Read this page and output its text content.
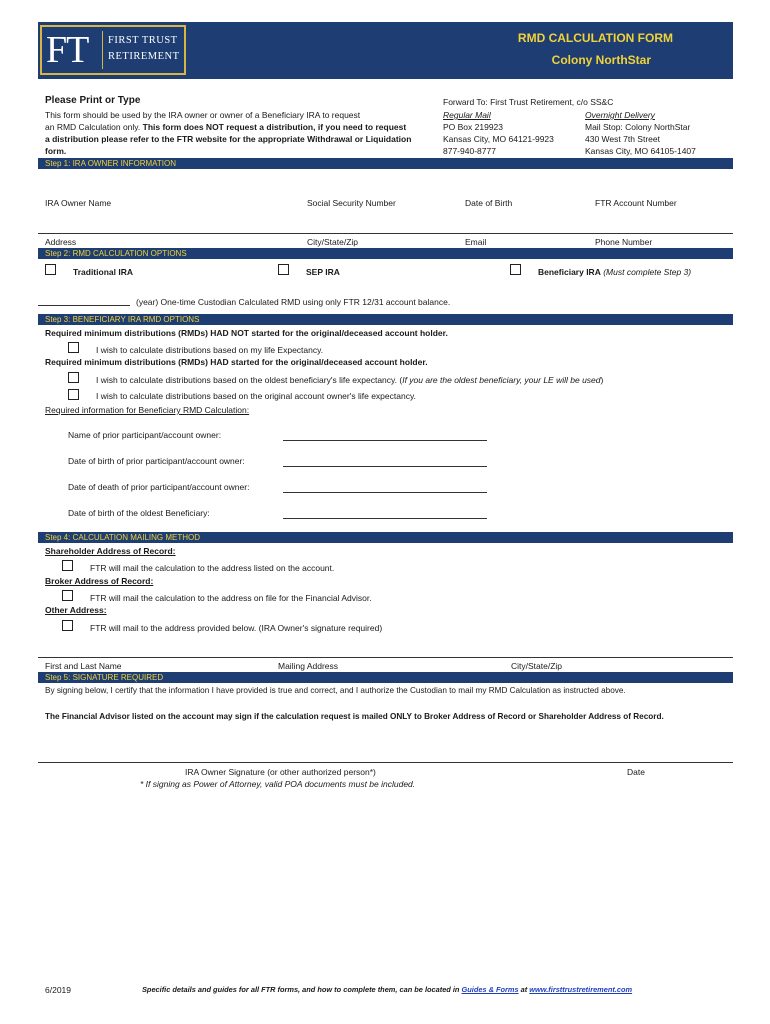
FT	FIRST TRUST
RETIREMENT
RMD CALCULATION FORM
Colony NorthStar
Please Print or Type
This form should be used by the IRA owner or owner of a Beneficiary IRA to request
an RMD Calculation only. This form does NOT request a distribution, if you need to request
a distribution please refer to the FTR website for the appropriate Withdrawal or Liquidation
form.
Forward To: First Trust Retirement, c/o SS&C
Regular Mail
PO Box 219923
Kansas City, MO 64121-9923
877-940-8777
Overnight Delivery
Mail Stop: Colony NorthStar
430 West 7th Street
Kansas City, MO 64105-1407
Step 1: IRA OWNER INFORMATION
IRA Owner Name	Social Security Number	Date of Birth	FTR Account Number
Address	City/State/Zip	Email	Phone Number
Step 2: RMD CALCULATION OPTIONS
Traditional IRA	SEP IRA	Beneficiary IRA (Must complete Step 3)
(year) One-time Custodian Calculated RMD using only FTR 12/31 account balance.
Step 3: BENEFICIARY IRA RMD OPTIONS
Required minimum distributions (RMDs) HAD NOT started for the original/deceased account holder.
I wish to calculate distributions based on my life Expectancy.
Required minimum distributions (RMDs) HAD started for the original/deceased account holder.
I wish to calculate distributions based on the oldest beneficiary's life expectancy. (If you are the oldest beneficiary, your LE will be used)
I wish to calculate distributions based on the original account owner's life expectancy.
Required information for Beneficiary RMD Calculation:
Name of prior participant/account owner:
Date of birth of prior participant/account owner:
Date of death of prior participant/account owner:
Date of birth of the oldest Beneficiary:
Step 4: CALCULATION MAILING METHOD
Shareholder Address of Record:
FTR will mail the calculation to the address listed on the account.
Broker Address of Record:
FTR will mail the calculation to the address on file for the Financial Advisor.
Other Address:
FTR will mail to the address provided below. (IRA Owner's signature required)
First and Last Name	Mailing Address	City/State/Zip
Step 5: SIGNATURE REQUIRED
By signing below, I certify that the information I have provided is true and correct, and I authorize the Custodian to mail my RMD Calculation as instructed above.
The Financial Advisor listed on the account may sign if the calculation request is mailed ONLY to Broker Address of Record or Shareholder Address of Record.
IRA Owner Signature (or other authorized person*)	Date
* If signing as Power of Attorney, valid POA documents must be included.
6/2019	Specific details and guides for all FTR forms, and how to complete them, can be located in Guides & Forms at www.firsttrustretirement.com
